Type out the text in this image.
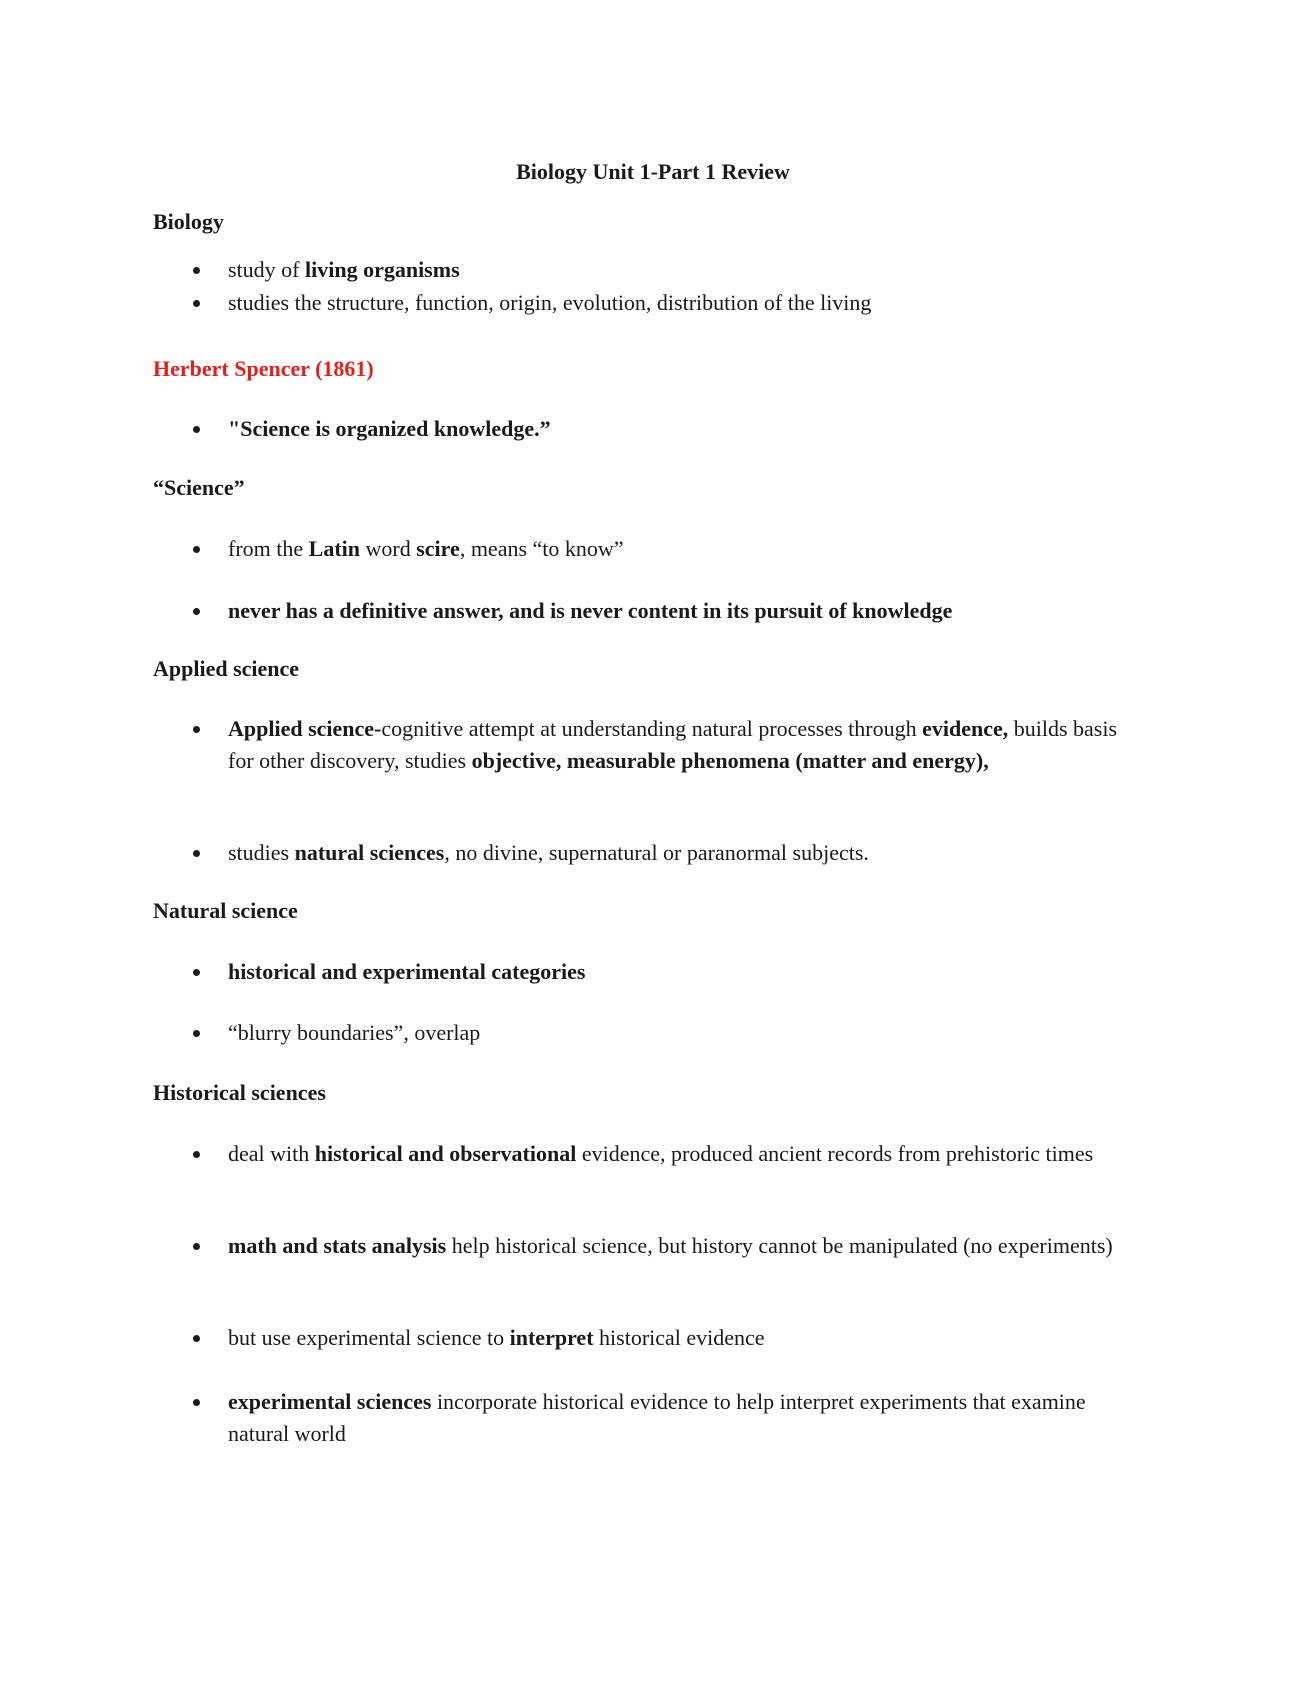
Biology Unit 1-Part 1 Review
Biology
study of living organisms
studies the structure, function, origin, evolution, distribution of the living
Herbert Spencer (1861)
"Science is organized knowledge.”
“Science”
from the Latin word scire, means “to know”
never has a definitive answer, and is never content in its pursuit of knowledge
Applied science
Applied science-cognitive attempt at understanding natural processes through evidence, builds basis for other discovery, studies objective, measurable phenomena (matter and energy),
studies natural sciences, no divine, supernatural or paranormal subjects.
Natural science
historical and experimental categories
“blurry boundaries”, overlap
Historical sciences
deal with historical and observational evidence, produced ancient records from prehistoric times
math and stats analysis help historical science, but history cannot be manipulated (no experiments)
but use experimental science to interpret historical evidence
experimental sciences incorporate historical evidence to help interpret experiments that examine natural world
